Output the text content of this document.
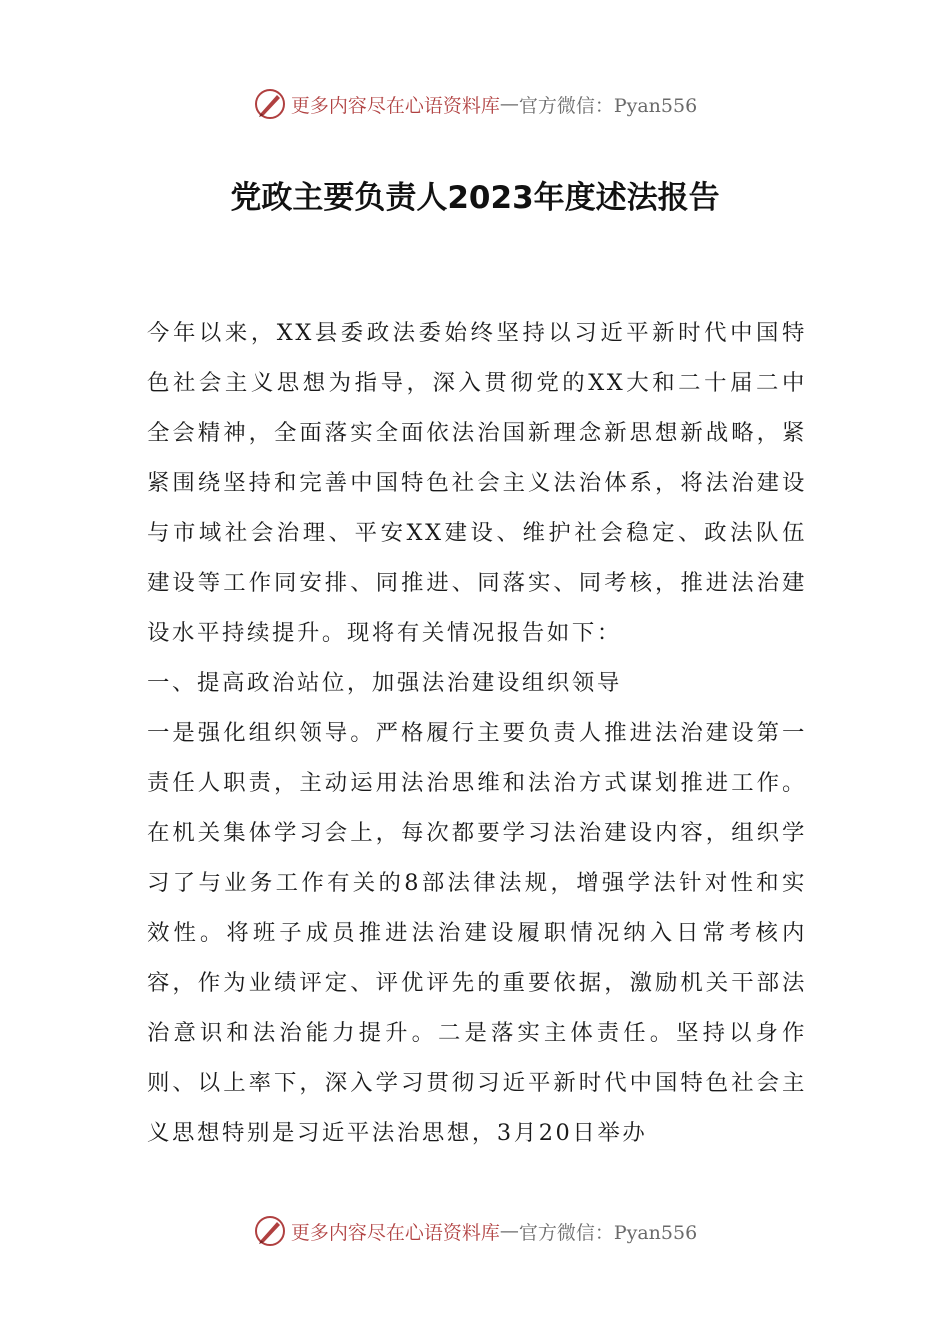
更多内容尽在心语资料库 — 官方微信：Pyan556
党政主要负责人2023年度述法报告

今年以来，XX县委政法委始终坚持以习近平新时代中国特色社会主义思想为指导，深入贯彻党的XX大和二十届二中全会精神，全面落实全面依法治国新理念新思想新战略，紧紧围绕坚持和完善中国特色社会主义法治体系，将法治建设与市域社会治理、平安XX建设、维护社会稳定、政法队伍建设等工作同安排、同推进、同落实、同考核，推进法治建设水平持续提升。现将有关情况报告如下：

一、提高政治站位，加强法治建设组织领导

一是强化组织领导。严格履行主要负责人推进法治建设第一责任人职责，主动运用法治思维和法治方式谋划推进工作。在机关集体学习会上，每次都要学习法治建设内容，组织学习了与业务工作有关的8部法律法规，增强学法针对性和实效性。将班子成员推进法治建设履职情况纳入日常考核内容，作为业绩评定、评优评先的重要依据，激励机关干部法治意识和法治能力提升。二是落实主体责任。坚持以身作则、以上率下，深入学习贯彻习近平新时代中国特色社会主义思想特别是习近平法治思想，3月20日举办

更多内容尽在心语资料库 — 官方微信：Pyan556
